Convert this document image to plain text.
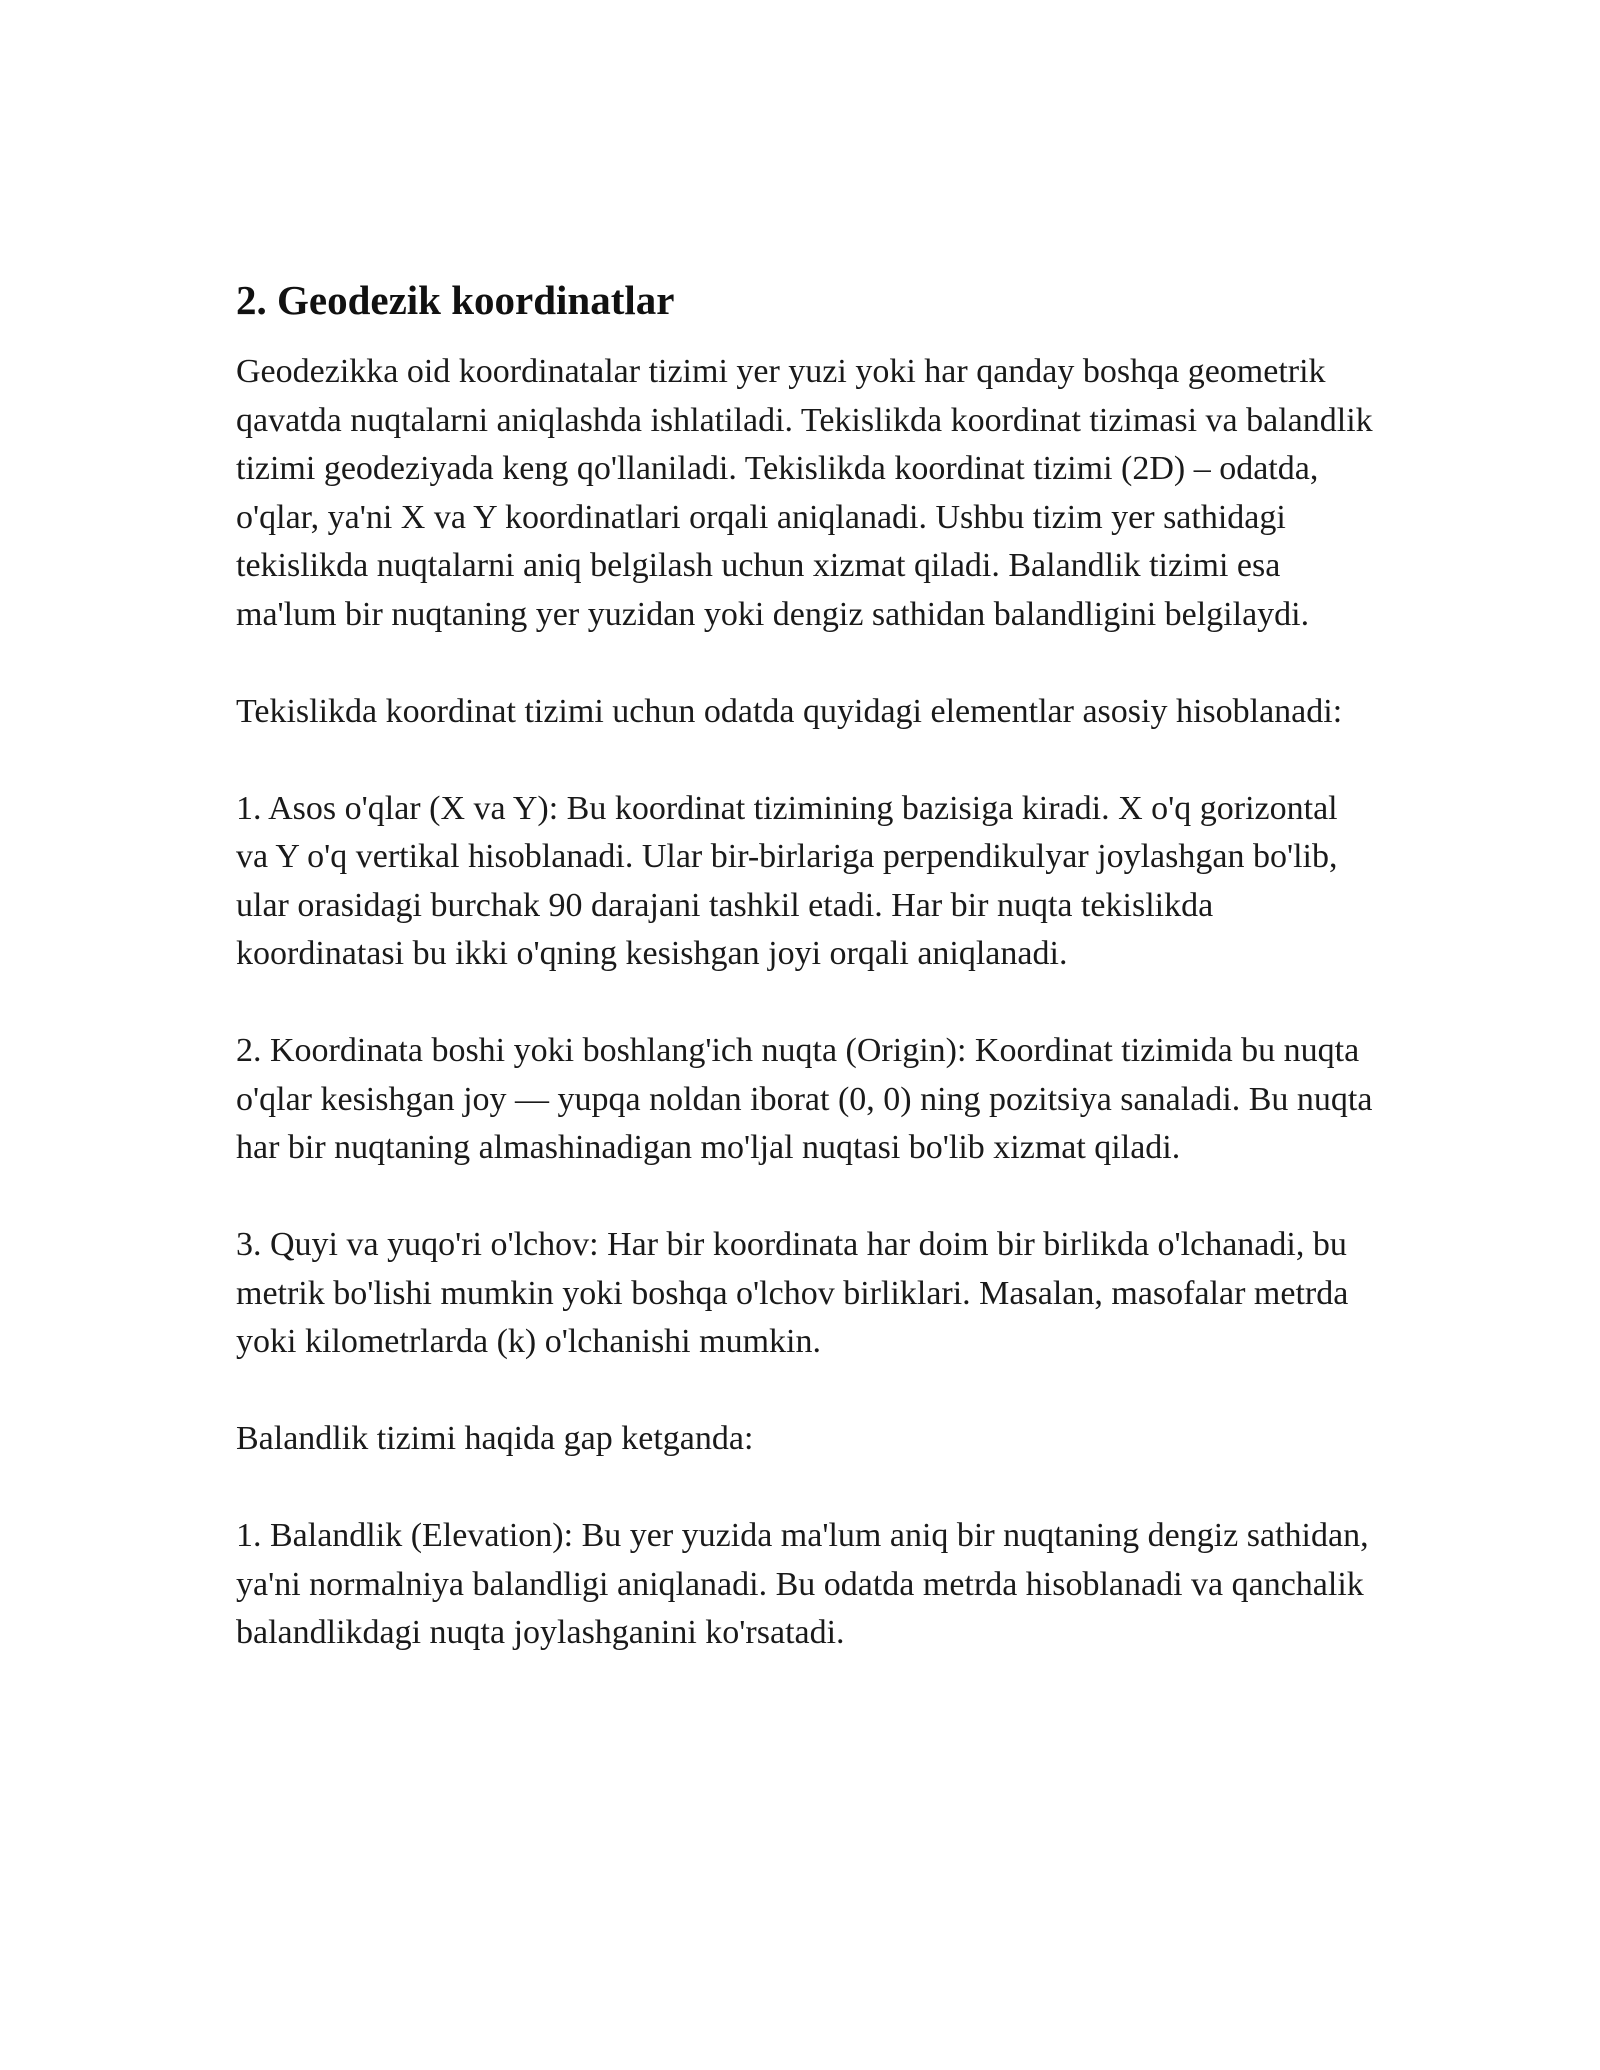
2. Geodezik koordinatlar

Geodezikka oid koordinatalar tizimi yer yuzi yoki har qanday boshqa geometrik qavatda nuqtalarni aniqlashda ishlatiladi. Tekislikda koordinat tizimasi va balandlik tizimi geodeziyada keng qo'llaniladi. Tekislikda koordinat tizimi (2D) – odatda, o'qlar, ya'ni X va Y koordinatlari orqali aniqlanadi. Ushbu tizim yer sathidagi tekislikda nuqtalarni aniq belgilash uchun xizmat qiladi. Balandlik tizimi esa ma'lum bir nuqtaning yer yuzidan yoki dengiz sathidan balandligini belgilaydi.

Tekislikda koordinat tizimi uchun odatda quyidagi elementlar asosiy hisoblanadi:

1. Asos o'qlar (X va Y): Bu koordinat tizimining bazisiga kiradi. X o'q gorizontal va Y o'q vertikal hisoblanadi. Ular bir-birlariga perpendikulyar joylashgan bo'lib, ular orasidagi burchak 90 darajani tashkil etadi. Har bir nuqta tekislikda koordinatasi bu ikki o'qning kesishgan joyi orqali aniqlanadi.

2. Koordinata boshi yoki boshlang'ich nuqta (Origin): Koordinat tizimida bu nuqta o'qlar kesishgan joy — yupqa noldan iborat (0, 0) ning pozitsiya sanaladi. Bu nuqta har bir nuqtaning almashinadigan mo'ljal nuqtasi bo'lib xizmat qiladi.

3. Quyi va yuqo'ri o'lchov: Har bir koordinata har doim bir birlikda o'lchanadi, bu metrik bo'lishi mumkin yoki boshqa o'lchov birliklari. Masalan, masofalar metrda yoki kilometrlarda (k) o'lchanishi mumkin.

Balandlik tizimi haqida gap ketganda:

1. Balandlik (Elevation): Bu yer yuzida ma'lum aniq bir nuqtaning dengiz sathidan, ya'ni normalniya balandligi aniqlanadi. Bu odatda metrda hisoblanadi va qanchalik balandlikdagi nuqta joylashganini ko'rsatadi.
